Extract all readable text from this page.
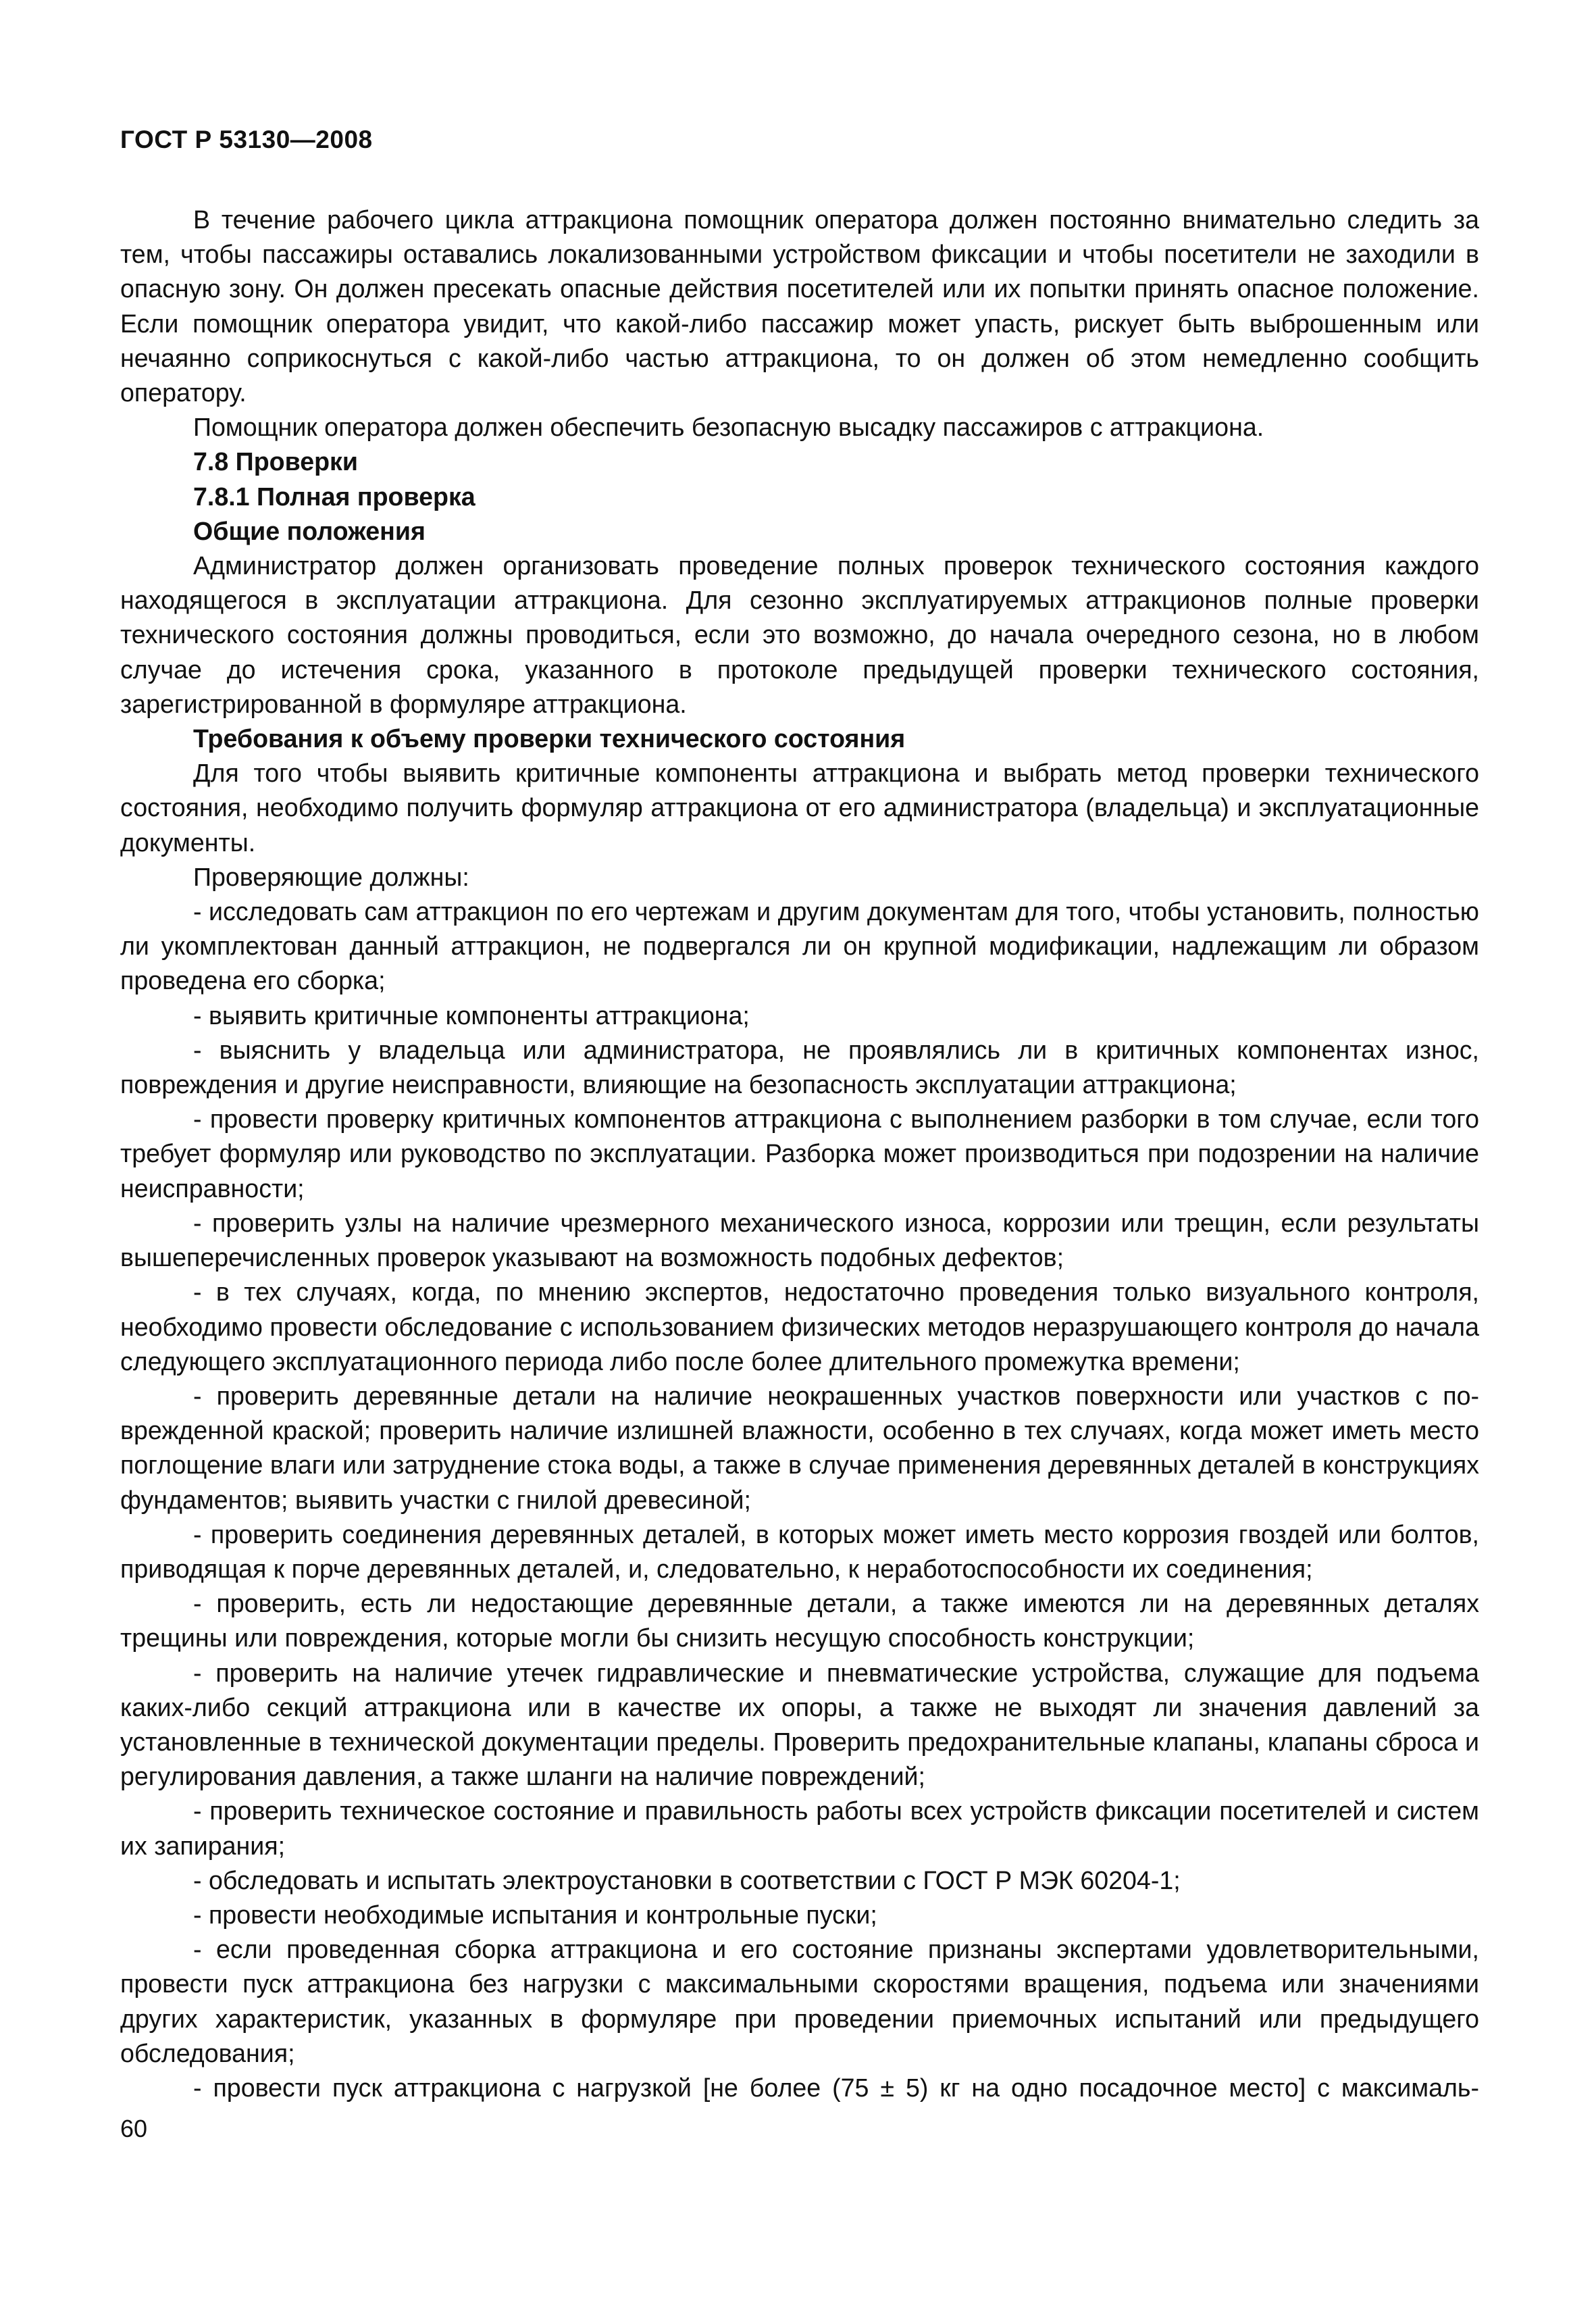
ГОСТ Р 53130—2008

В течение рабочего цикла аттракциона помощник оператора должен постоянно внимательно следить за тем, чтобы пассажиры оставались локализованными устройством фиксации и чтобы посетители не заходили в опасную зону. Он должен пресекать опасные действия посетителей или их попытки принять опасное положение. Если помощник оператора увидит, что какой-либо пассажир может упасть, рискует быть выброшенным или нечаянно соприкоснуться с какой-либо частью аттракциона, то он должен об этом немедленно сообщить оператору.

Помощник оператора должен обеспечить безопасную высадку пассажиров с аттракциона.

7.8 Проверки

7.8.1 Полная проверка

Общие положения

Администратор должен организовать проведение полных проверок технического состояния каждого находящегося в эксплуатации аттракциона. Для сезонно эксплуатируемых аттракционов полные проверки технического состояния должны проводиться, если это возможно, до начала очередного сезона, но в любом случае до истечения срока, указанного в протоколе предыдущей проверки технического состояния, зарегистрированной в формуляре аттракциона.

Требования к объему проверки технического состояния

Для того чтобы выявить критичные компоненты аттракциона и выбрать метод проверки технического состояния, необходимо получить формуляр аттракциона от его администратора (владельца) и эксплуатационные документы.

Проверяющие должны:

- исследовать сам аттракцион по его чертежам и другим документам для того, чтобы установить, полностью ли укомплектован данный аттракцион, не подвергался ли он крупной модификации, надлежащим ли образом проведена его сборка;

- выявить критичные компоненты аттракциона;

- выяснить у владельца или администратора, не проявлялись ли в критичных компонентах износ, повреждения и другие неисправности, влияющие на безопасность эксплуатации аттракциона;

- провести проверку критичных компонентов аттракциона с выполнением разборки в том случае, если того требует формуляр или руководство по эксплуатации. Разборка может производиться при подозрении на наличие неисправности;

- проверить узлы на наличие чрезмерного механического износа, коррозии или трещин, если результаты вышеперечисленных проверок указывают на возможность подобных дефектов;

- в тех случаях, когда, по мнению экспертов, недостаточно проведения только визуального контроля, необходимо провести обследование с использованием физических методов неразрушающего контроля до начала следующего эксплуатационного периода либо после более длительного промежутка времени;

- проверить деревянные детали на наличие неокрашенных участков поверхности или участков с поврежденной краской; проверить наличие излишней влажности, особенно в тех случаях, когда может иметь место поглощение влаги или затруднение стока воды, а также в случае применения деревянных деталей в конструкциях фундаментов; выявить участки с гнилой древесиной;

- проверить соединения деревянных деталей, в которых может иметь место коррозия гвоздей или болтов, приводящая к порче деревянных деталей, и, следовательно, к неработоспособности их соединения;

- проверить, есть ли недостающие деревянные детали, а также имеются ли на деревянных деталях трещины или повреждения, которые могли бы снизить несущую способность конструкции;

- проверить на наличие утечек гидравлические и пневматические устройства, служащие для подъема каких-либо секций аттракциона или в качестве их опоры, а также не выходят ли значения давлений за установленные в технической документации пределы. Проверить предохранительные клапаны, клапаны сброса и регулирования давления, а также шланги на наличие повреждений;

- проверить техническое состояние и правильность работы всех устройств фиксации посетителей и систем их запирания;

- обследовать и испытать электроустановки в соответствии с ГОСТ Р МЭК 60204-1;

- провести необходимые испытания и контрольные пуски;

- если проведенная сборка аттракциона и его состояние признаны экспертами удовлетворительными, провести пуск аттракциона без нагрузки с максимальными скоростями вращения, подъема или значениями других характеристик, указанных в формуляре при проведении приемочных испытаний или предыдущего обследования;

- провести пуск аттракциона с нагрузкой [не более (75 ± 5) кг на одно посадочное место] с максималь-

60
